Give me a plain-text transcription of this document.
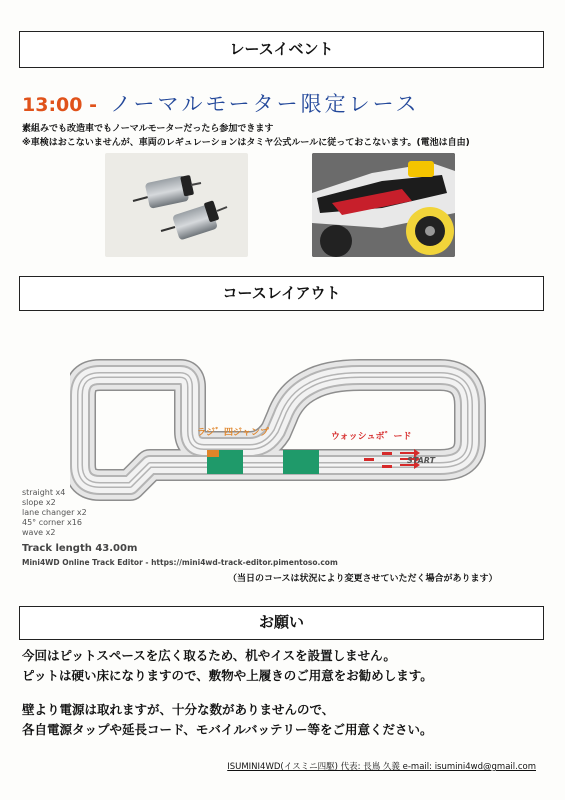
レースイベント
13:00 - ノーマルモーター限定レース
素組みでも改造車でもノーマルモーターだったら参加できます
※車検はおこないませんが、車両のレギュレーションはタミヤ公式ルールに従っておこないます。(電池は自由)
コースレイアウト
ラジ゛四ジャンプ	ウォッシュボ゛ード
START
straight x4
slope x2
lane changer x2
45° corner x16
wave x2
Track length 43.00m
Mini4WD Online Track Editor - https://mini4wd-track-editor.pimentoso.com
（当日のコースは状況により変更させていただく場合があります）
お願い
今回はピットスペースを広く取るため、机やイスを設置しません。
ピットは硬い床になりますので、敷物や上履きのご用意をお勧めします。
壁より電源は取れますが、十分な数がありませんので、
各自電源タップや延長コード、モバイルバッテリー等をご用意ください。
ISUMINI4WD(イスミニ四駆) 代表: 長嶌 久義 e-mail: isumini4wd@gmail.com
